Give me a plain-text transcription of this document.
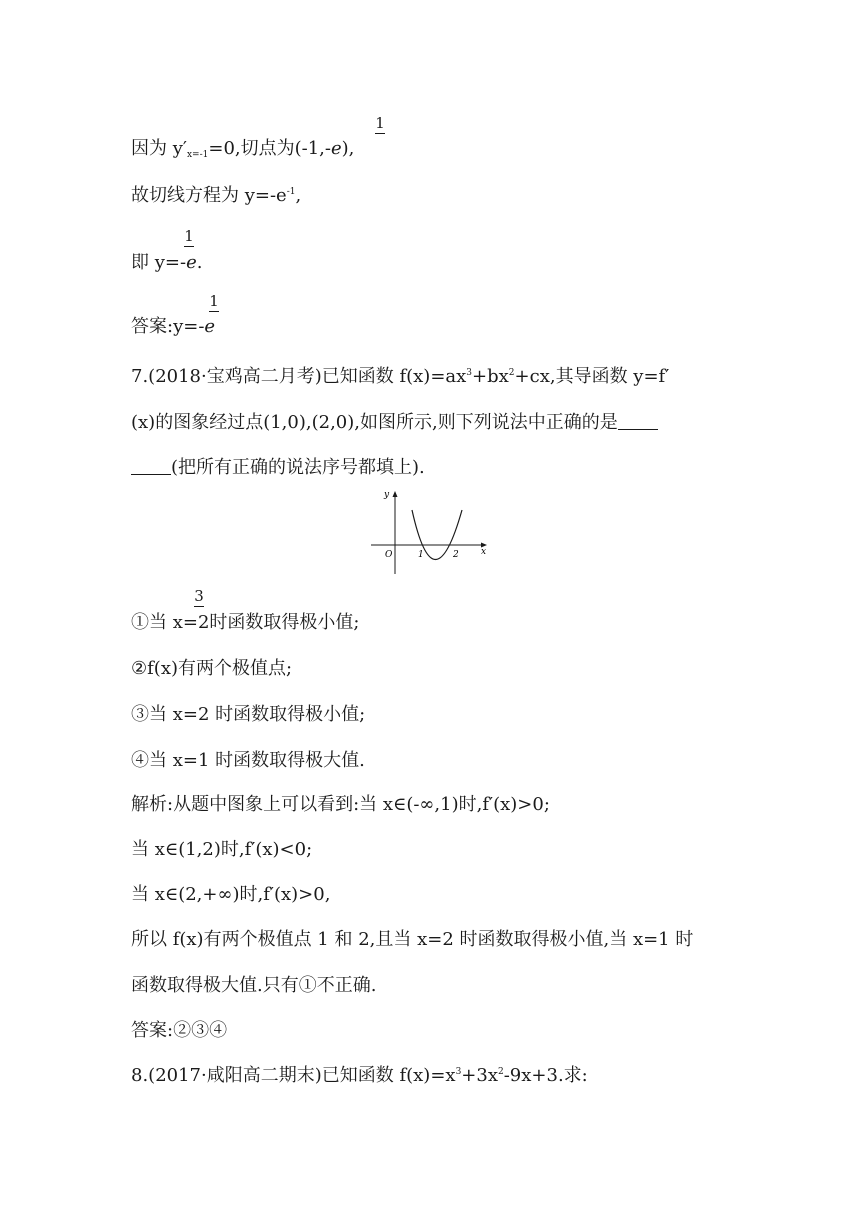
因为 $y'_{x=-1}=0$,切点为(-1,-e),
1
故切线方程为 $y=-e^{-1}$,
即 y=-e.
1
答案:y=-e
1
7.(2018·宝鸡高二月考)已知函数 $f(x)=ax^3+bx^2+cx$,其导函数 y=f′
(x)的图象经过点(1,0),(2,0),如图所示,则下列说法中正确的是
(把所有正确的说法序号都填上).
y
x
O	1	2
①当 x=2时函数取得极小值;
3
②f(x)有两个极值点;
③当 x=2 时函数取得极小值;
④当 x=1 时函数取得极大值.
解析:从题中图象上可以看到:当 x∈(-∞,1)时,f′(x)>0;
当 x∈(1,2)时,f′(x)<0;
当 x∈(2,+∞)时,f′(x)>0,
所以 f(x)有两个极值点 1 和 2,且当 x=2 时函数取得极小值,当 x=1 时
函数取得极大值.只有①不正确.
答案:②③④
8.(2017·咸阳高二期末)已知函数 $f(x)=x^3+3x^2-9x+3$.求:
